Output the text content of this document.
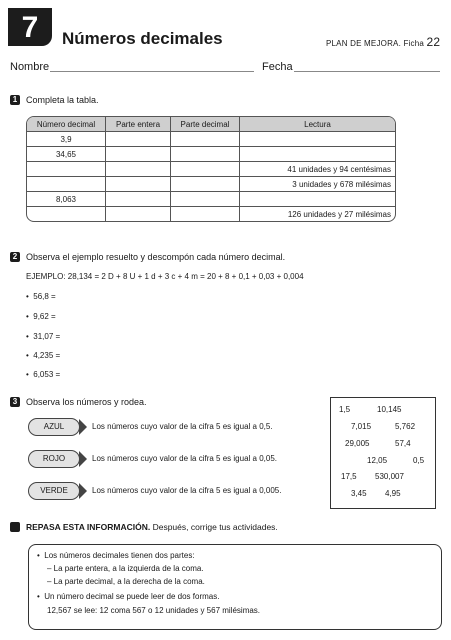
7	Números decimales	PLAN DE MEJORA. Ficha 22
Nombre	Fecha
1 Completa la tabla.
Número decimal	Parte entera	Parte decimal	Lectura
3,9			
34,65			
			41 unidades y 94 centésimas
			3 unidades y 678 milésimas
8,063			
			126 unidades y 27 milésimas
2 Observa el ejemplo resuelto y descompón cada número decimal.
EJEMPLO: 28,134 = 2 D + 8 U + 1 d + 3 c + 4 m = 20 + 8 + 0,1 + 0,03 + 0,004
•  56,8 =
•  9,62 =
•  31,07 =
•  4,235 =
•  6,053 =
3 Observa los números y rodea.
AZUL	Los números cuyo valor de la cifra 5 es igual a 0,5.
ROJO	Los números cuyo valor de la cifra 5 es igual a 0,05.
VERDE	Los números cuyo valor de la cifra 5 es igual a 0,005.
1,5	10,145
7,015	5,762
29,005	57,4
12,05	0,5
17,5 530,007
3,45 4,95
REPASA ESTA INFORMACIÓN. Después, corrige tus actividades.
•  Los números decimales tienen dos partes:
– La parte entera, a la izquierda de la coma.
– La parte decimal, a la derecha de la coma.
•  Un número decimal se puede leer de dos formas.
12,567 se lee: 12 coma 567 o 12 unidades y 567 milésimas.
